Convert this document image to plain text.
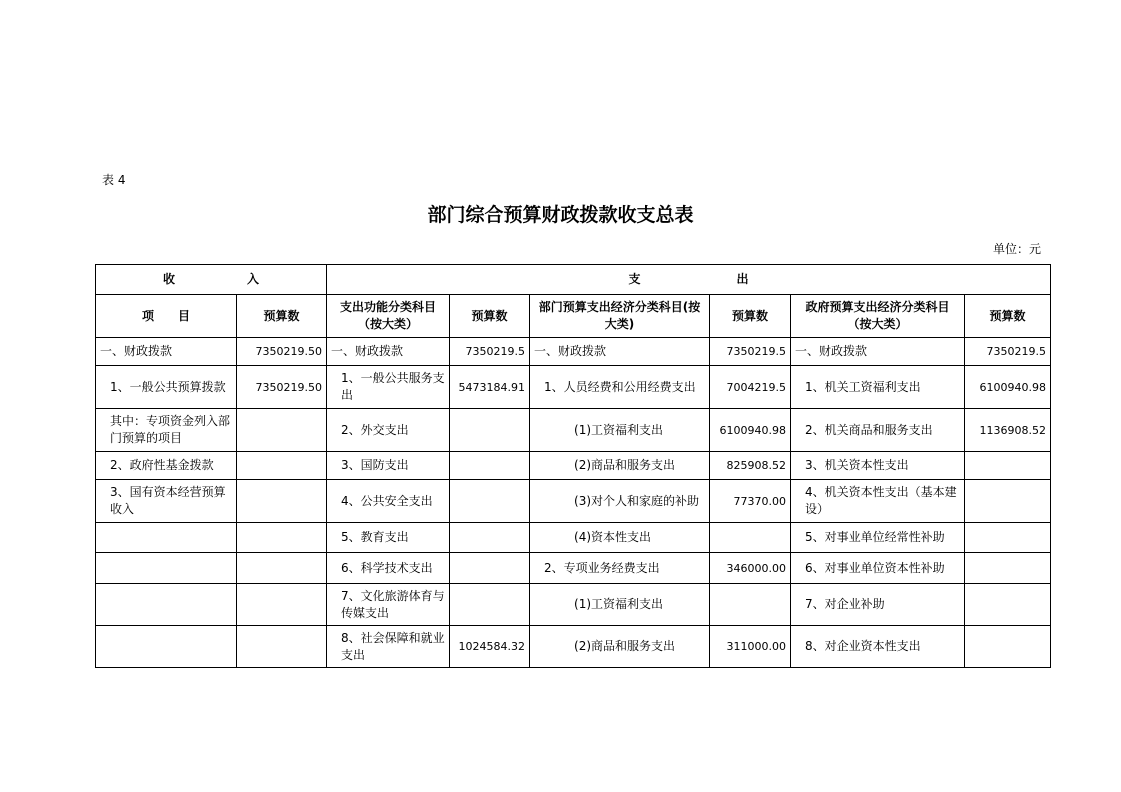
表 4
部门综合预算财政拨款收支总表
单位：元
收　　　　　　入		支　　　　　　　　出					
项　　目	预算数	支出功能分类科目（按大类）	预算数	部门预算支出经济分类科目(按大类)	预算数	政府预算支出经济分类科目（按大类）	预算数
一、财政拨款	7350219.50	一、财政拨款	7350219.5	一、财政拨款	7350219.5	一、财政拨款	7350219.5
1、一般公共预算拨款	7350219.50	1、一般公共服务支出	5473184.91	1、人员经费和公用经费支出	7004219.5	1、机关工资福利支出	6100940.98
其中：专项资金列入部门预算的项目		2、外交支出		(1)工资福利支出	6100940.98	2、机关商品和服务支出	1136908.52
2、政府性基金拨款		3、国防支出		(2)商品和服务支出	825908.52	3、机关资本性支出	
3、国有资本经营预算收入		4、公共安全支出		(3)对个人和家庭的补助	77370.00	4、机关资本性支出（基本建设）	
		5、教育支出		(4)资本性支出		5、对事业单位经常性补助	
		6、科学技术支出		2、专项业务经费支出	346000.00	6、对事业单位资本性补助	
		7、文化旅游体育与传媒支出		(1)工资福利支出		7、对企业补助	
		8、社会保障和就业支出	1024584.32	(2)商品和服务支出	311000.00	8、对企业资本性支出	
